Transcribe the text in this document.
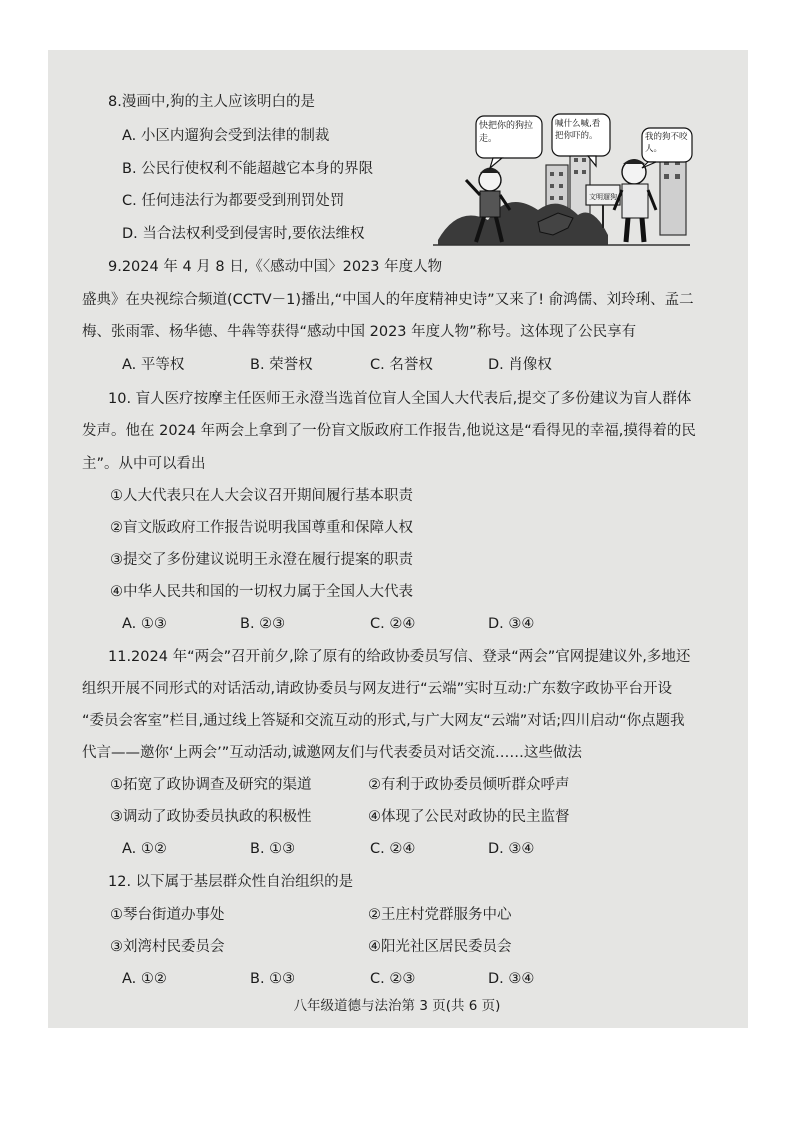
8.漫画中,狗的主人应该明白的是
A. 小区内遛狗会受到法律的制裁
B. 公民行使权利不能超越它本身的界限
C. 任何违法行为都要受到刑罚处罚
D. 当合法权利受到侵害时,要依法维权
文明遛狗
快把你的狗拉走。
喊什么喊,看把你吓的。	我的狗不咬人。
9.2024 年 4 月 8 日,《〈感动中国〉2023 年度人物
盛典》在央视综合频道(CCTV－1)播出,“中国人的年度精神史诗”又来了! 俞鸿儒、刘玲琍、孟二
梅、张雨霏、杨华德、牛犇等获得“感动中国 2023 年度人物”称号。这体现了公民享有
A. 平等权	B. 荣誉权	C. 名誉权	D. 肖像权
10. 盲人医疗按摩主任医师王永澄当选首位盲人全国人大代表后,提交了多份建议为盲人群体
发声。他在 2024 年两会上拿到了一份盲文版政府工作报告,他说这是“看得见的幸福,摸得着的民
主”。从中可以看出
①人大代表只在人大会议召开期间履行基本职责
②盲文版政府工作报告说明我国尊重和保障人权
③提交了多份建议说明王永澄在履行提案的职责
④中华人民共和国的一切权力属于全国人大代表
A. ①③	B. ②③	C. ②④	D. ③④
11.2024 年“两会”召开前夕,除了原有的给政协委员写信、登录“两会”官网提建议外,多地还
组织开展不同形式的对话活动,请政协委员与网友进行“云端”实时互动:广东数字政协平台开设
“委员会客室”栏目,通过线上答疑和交流互动的形式,与广大网友“云端”对话;四川启动“你点题我
代言——邀你‘上两会’”互动活动,诚邀网友们与代表委员对话交流……这些做法
①拓宽了政协调查及研究的渠道	②有利于政协委员倾听群众呼声
③调动了政协委员执政的积极性	④体现了公民对政协的民主监督
A. ①②	B. ①③	C. ②④	D. ③④
12. 以下属于基层群众性自治组织的是
①琴台街道办事处	②王庄村党群服务中心
③刘湾村民委员会	④阳光社区居民委员会
A. ①②	B. ①③	C. ②③	D. ③④
八年级道德与法治第 3 页(共 6 页)
